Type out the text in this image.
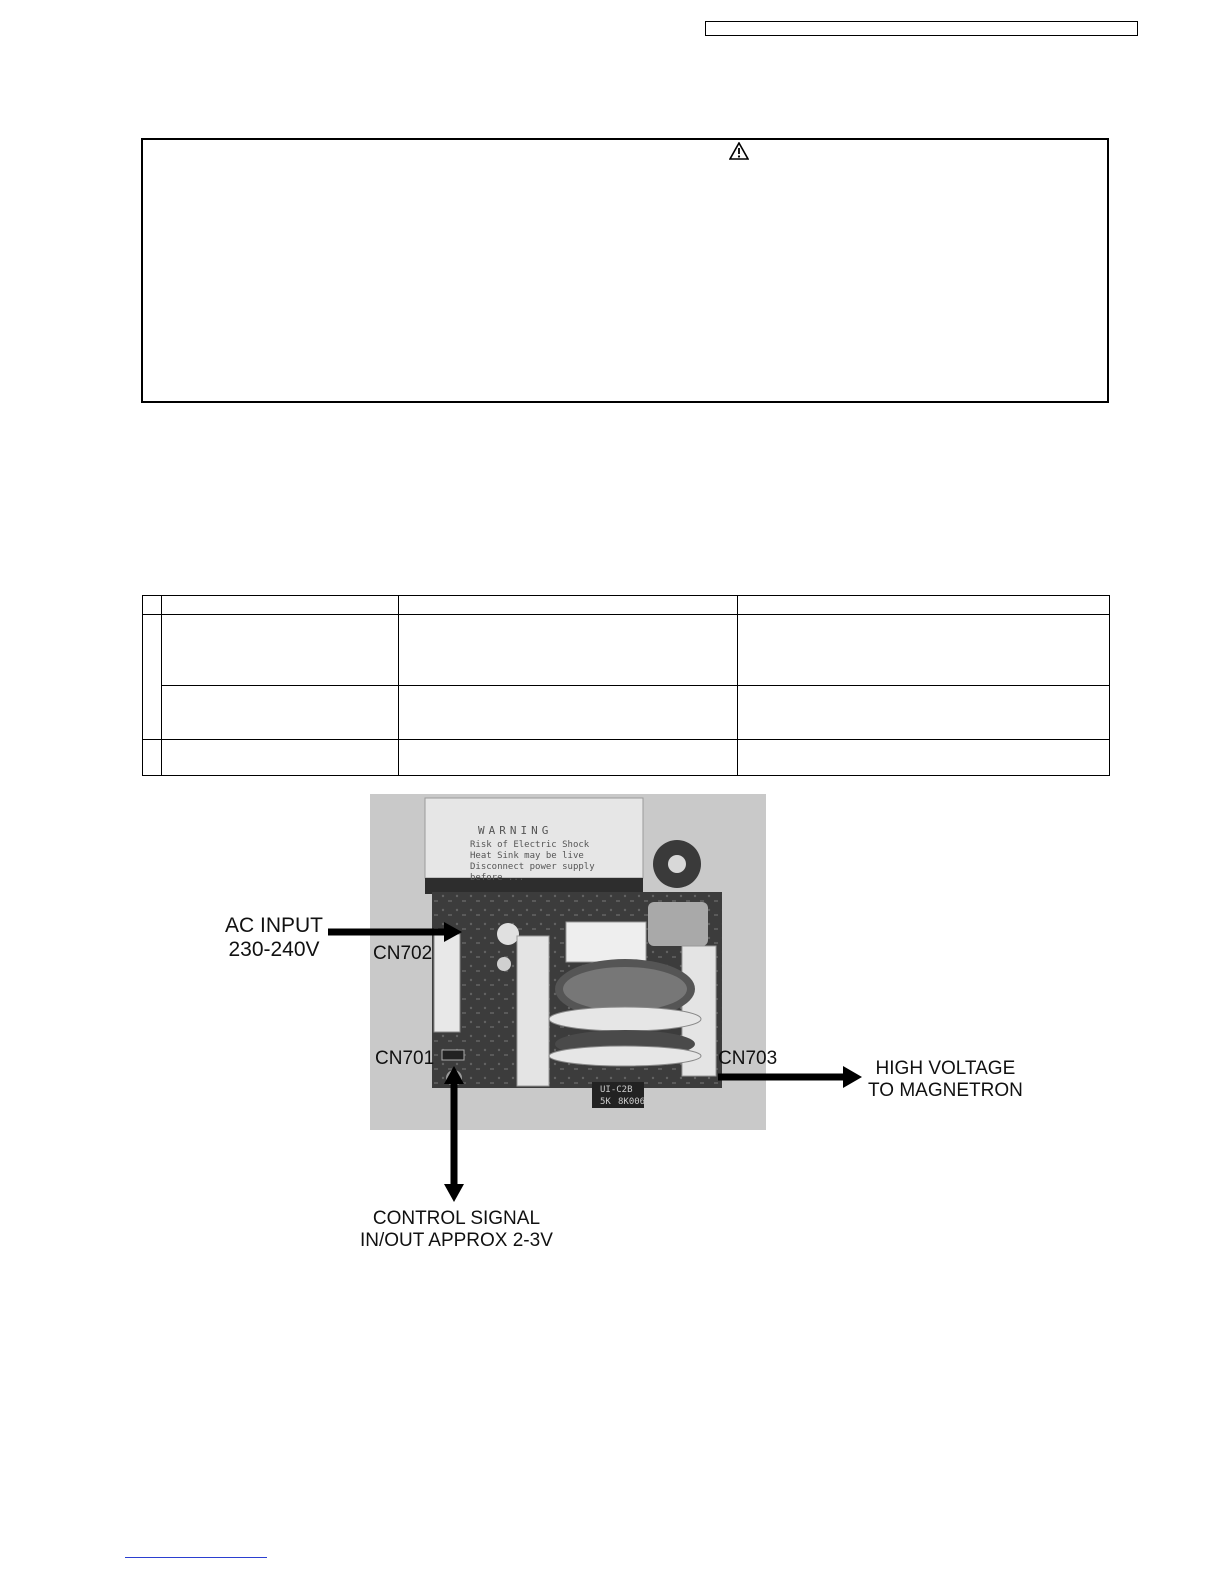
WARNING
Risk of Electric Shock
Heat Sink may be live
Disconnect power supply
before ...
UI-C2B
5K 8K006
AC INPUT
230-240V	CN702
CN701	CN703	HIGH VOLTAGE
TO MAGNETRON
CONTROL SIGNAL
IN/OUT APPROX 2-3V
